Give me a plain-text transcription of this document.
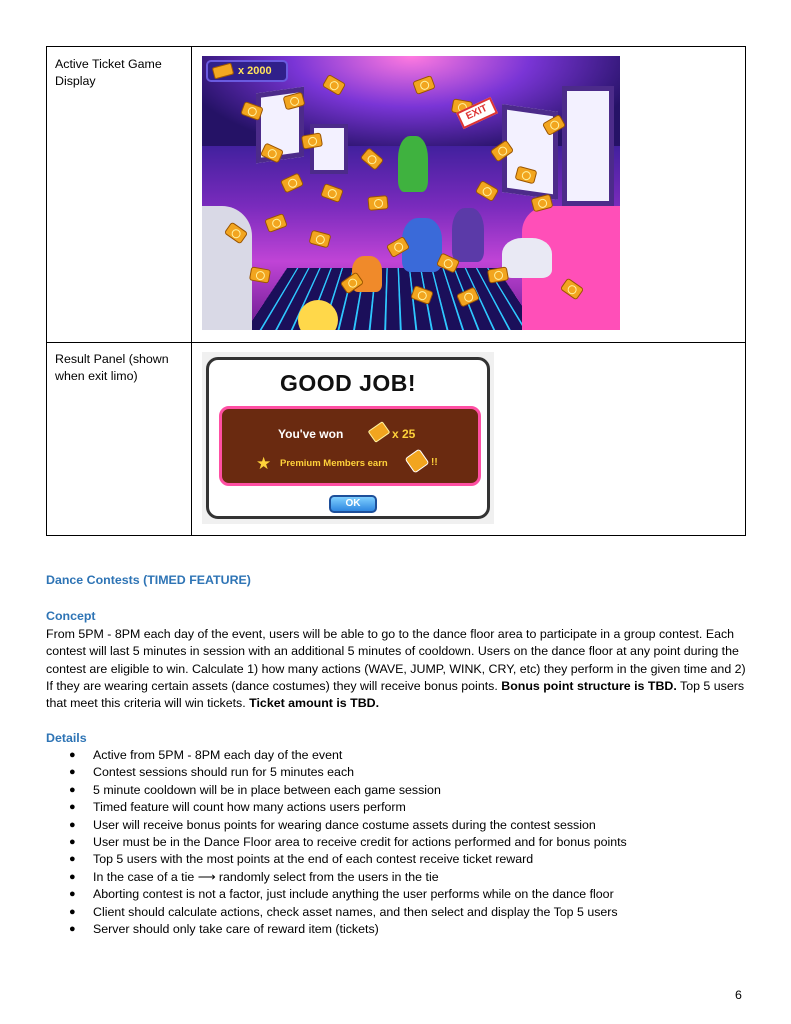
Active Ticket Game Display
Result Panel (shown when exit limo)
x 2000
EXIT
GOOD JOB!
You've won	x 25
★ Premium Members earn	!!
OK
Dance Contests (TIMED FEATURE)
Concept
From 5PM - 8PM each day of the event, users will be able to go to the dance floor area to participate in a group contest. Each contest will last 5 minutes in session with an additional 5 minutes of cooldown. Users on the dance floor at any point during the contest are eligible to win. Calculate 1) how many actions (WAVE, JUMP, WINK, CRY, etc) they perform in the given time and 2) If they are wearing certain assets (dance costumes) they will receive bonus points. Bonus point structure is TBD. Top 5 users that meet this criteria will win tickets. Ticket amount is TBD.
Details
● Active from 5PM - 8PM each day of the event
● Contest sessions should run for 5 minutes each
● 5 minute cooldown will be in place between each game session
● Timed feature will count how many actions users perform
● User will receive bonus points for wearing dance costume assets during the contest session
● User must be in the Dance Floor area to receive credit for actions performed and for bonus points
● Top 5 users with the most points at the end of each contest receive ticket reward
● In the case of a tie ⟶ randomly select from the users in the tie
● Aborting contest is not a factor, just include anything the user performs while on the dance floor
● Client should calculate actions, check asset names, and then select and display the Top 5 users
● Server should only take care of reward item (tickets)
6
